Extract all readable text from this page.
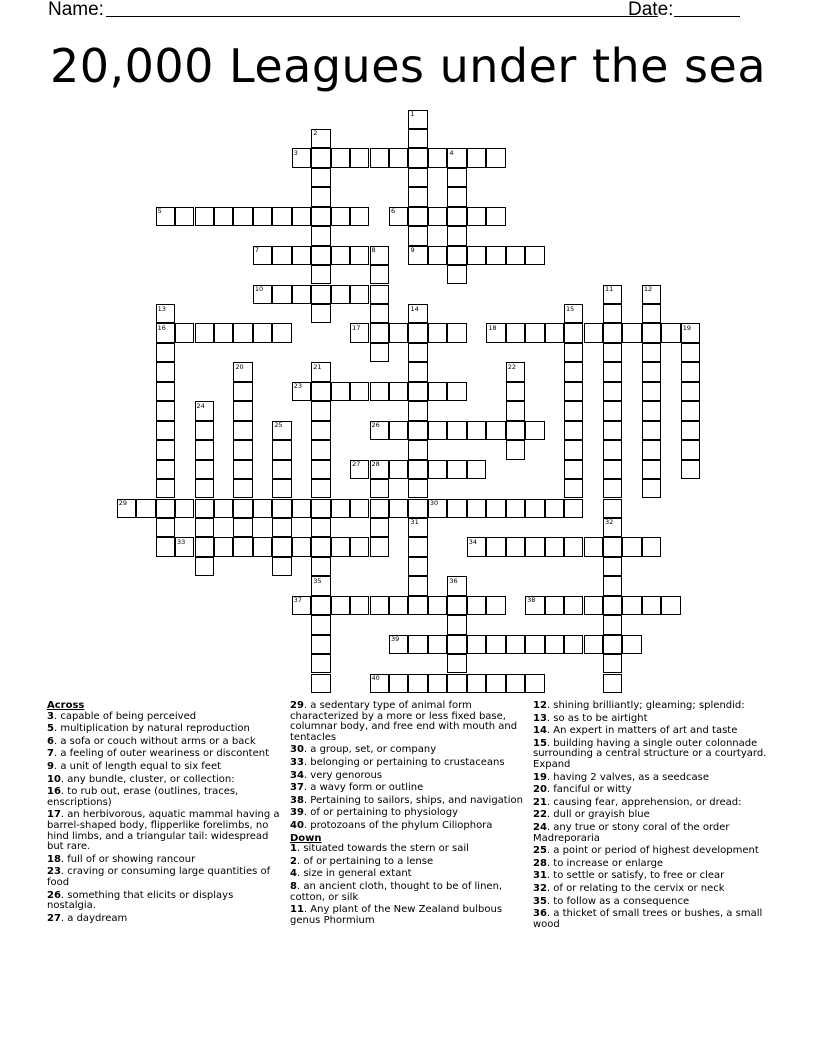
Name:	Date:
20,000 Leagues under the sea
1
2
3	4
5	6
7	8	9
10	11	12
13	14	15
16	17	18	19
20	21	22
23
24
25	26
27 28
29	30
31	32
33	34
35	36
37	38
39
40
Across
3. capable of being perceived
5. multiplication by natural reproduction
6. a sofa or couch without arms or a back
7. a feeling of outer weariness or discontent
9. a unit of length equal to six feet
10. any bundle, cluster, or collection:
16. to rub out, erase (outlines, traces, enscriptions)
17. an herbivorous, aquatic mammal having a barrel-shaped body, flipperlike forelimbs, no hind limbs, and a triangular tail: widespread but rare.
18. full of or showing rancour
23. craving or consuming large quantities of food
26. something that elicits or displays nostalgia.
27. a daydream
29. a sedentary type of animal form characterized by a more or less fixed base, columnar body, and free end with mouth and tentacles
30. a group, set, or company
33. belonging or pertaining to crustaceans
34. very genorous
37. a wavy form or outline
38. Pertaining to sailors, ships, and navigation
39. of or pertaining to physiology
40. protozoans of the phylum Ciliophora
Down
1. situated towards the stern or sail
2. of or pertaining to a lense
4. size in general extant
8. an ancient cloth, thought to be of linen, cotton, or silk
11. Any plant of the New Zealand bulbous genus Phormium
12. shining brilliantly; gleaming; splendid:
13. so as to be airtight
14. An expert in matters of art and taste
15. building having a single outer colonnade surrounding a central structure or a courtyard. Expand
19. having 2 valves, as a seedcase
20. fanciful or witty
21. causing fear, apprehension, or dread:
22. dull or grayish blue
24. any true or stony coral of the order Madreporaria
25. a point or period of highest development
28. to increase or enlarge
31. to settle or satisfy, to free or clear
32. of or relating to the cervix or neck
35. to follow as a consequence
36. a thicket of small trees or bushes, a small wood
